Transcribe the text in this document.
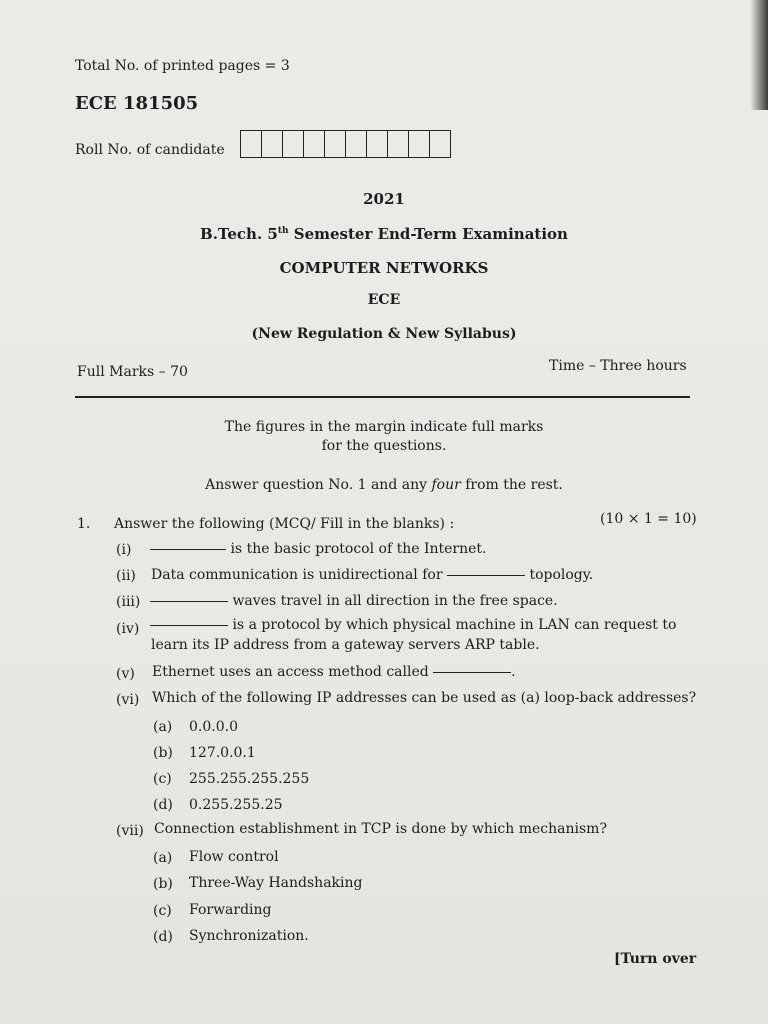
Total No. of printed pages = 3
ECE 181505
Roll No. of candidate
2021
B.Tech. 5th Semester End-Term Examination
COMPUTER NETWORKS
ECE
(New Regulation & New Syllabus)
Full Marks – 70	Time – Three hours
The figures in the margin indicate full marks
for the questions.
Answer question No. 1 and any four from the rest.
1. Answer the following (MCQ/ Fill in the blanks) :	(10 × 1 = 10)
(i)	is the basic protocol of the Internet.
(ii) Data communication is unidirectional for	topology.
(iii)	waves travel in all direction in the free space.
(iv)	is a protocol by which physical machine in LAN can request to
learn its IP address from a gateway servers ARP table.
(v) Ethernet uses an access method called	.
(vi) Which of the following IP addresses can be used as (a) loop-back addresses?
(a) 0.0.0.0
(b) 127.0.0.1
(c) 255.255.255.255
(d) 0.255.255.25
(vii) Connection establishment in TCP is done by which mechanism?
(a) Flow control
(b) Three-Way Handshaking
(c) Forwarding
(d) Synchronization.
[Turn over
